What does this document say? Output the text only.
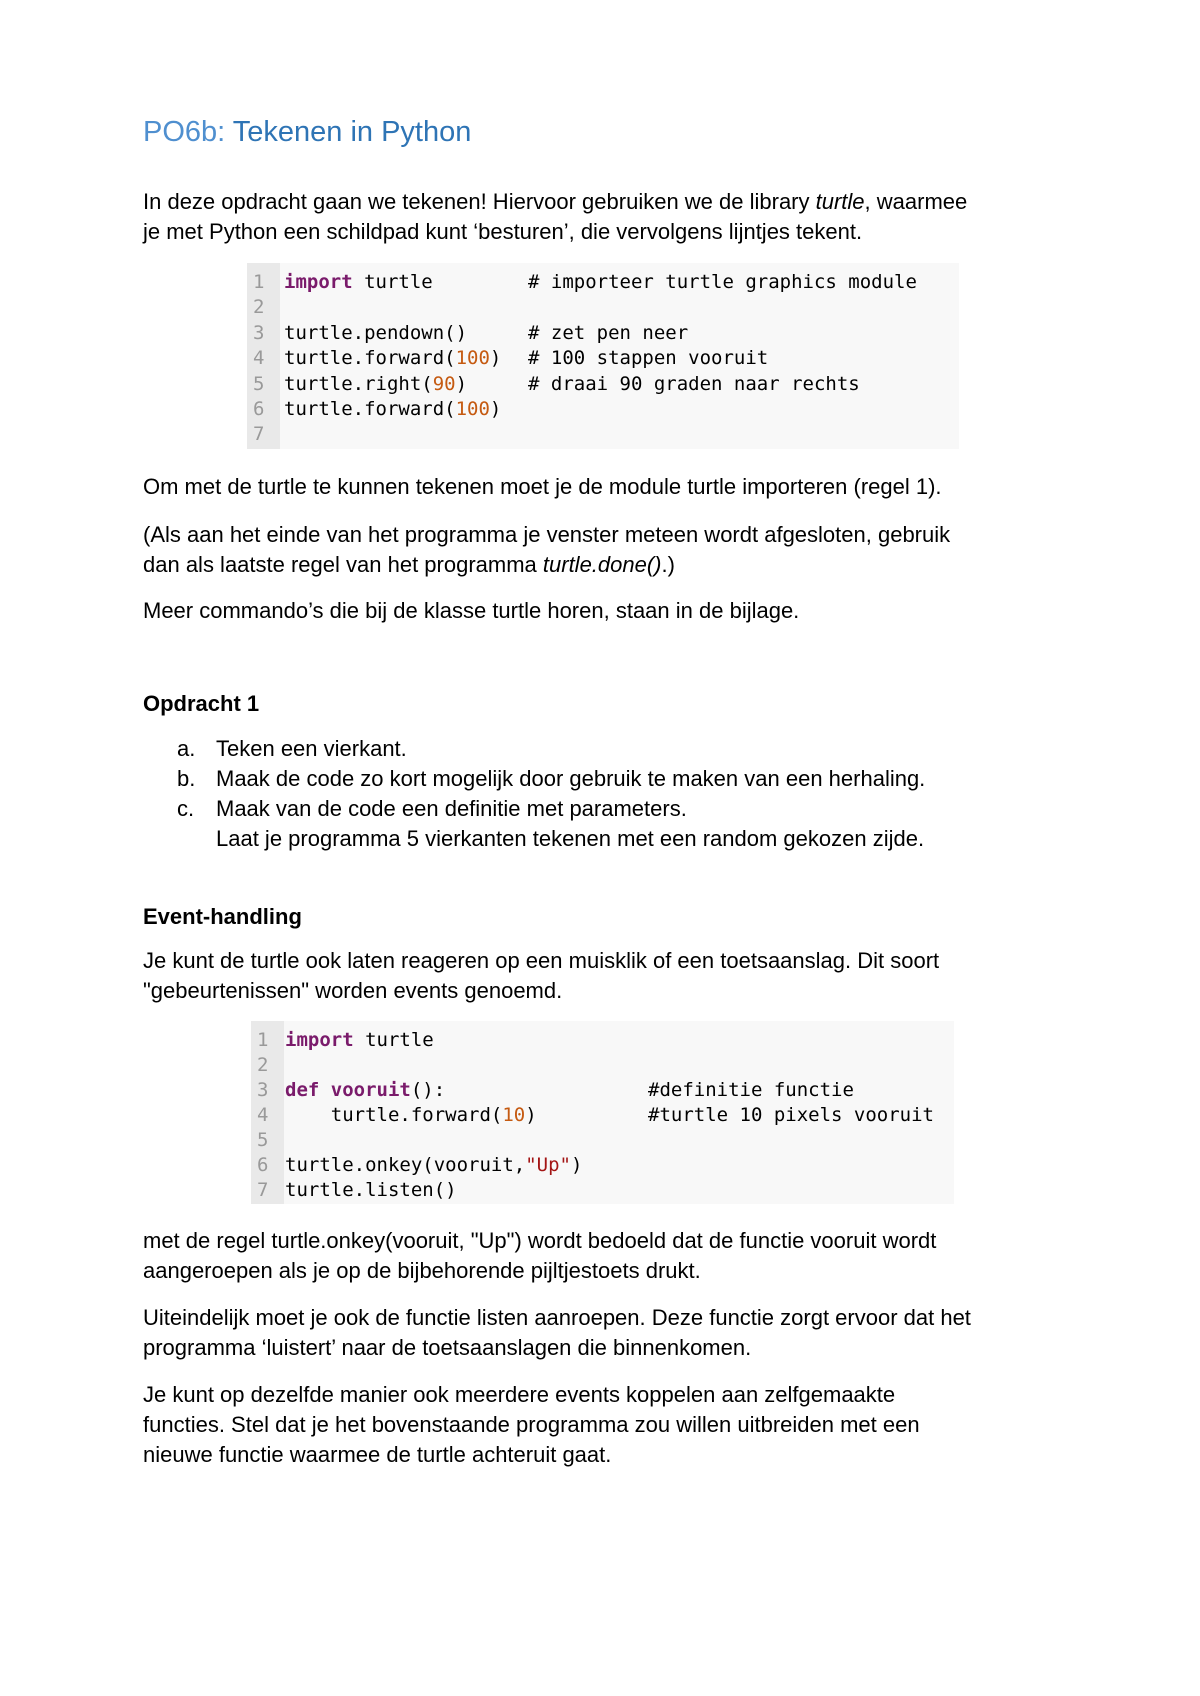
PO6b: Tekenen in Python
In deze opdracht gaan we tekenen! Hiervoor gebruiken we de library turtle, waarmee
je met Python een schildpad kunt ‘besturen’, die vervolgens lijntjes tekent.
1
2
3
4
5
6
7
import turtle	# importeer turtle graphics module
turtle.pendown()	# zet pen neer
turtle.forward(100) # 100 stappen vooruit
turtle.right(90)	# draai 90 graden naar rechts
turtle.forward(100)
Om met de turtle te kunnen tekenen moet je de module turtle importeren (regel 1).
(Als aan het einde van het programma je venster meteen wordt afgesloten, gebruik
dan als laatste regel van het programma turtle.done().)
Meer commando’s die bij de klasse turtle horen, staan in de bijlage.
Opdracht 1
a. Teken een vierkant.
b. Maak de code zo kort mogelijk door gebruik te maken van een herhaling.
c. Maak van de code een definitie met parameters.
Laat je programma 5 vierkanten tekenen met een random gekozen zijde.
Event-handling
Je kunt de turtle ook laten reageren op een muisklik of een toetsaanslag. Dit soort
"gebeurtenissen" worden events genoemd.
1
2
3
4
5
6
7
import turtle
def vooruit():	#definitie functie
turtle.forward(10)	#turtle 10 pixels vooruit
turtle.onkey(vooruit,"Up")
turtle.listen()
met de regel turtle.onkey(vooruit, "Up") wordt bedoeld dat de functie vooruit wordt
aangeroepen als je op de bijbehorende pijltjestoets drukt.
Uiteindelijk moet je ook de functie listen aanroepen. Deze functie zorgt ervoor dat het
programma ‘luistert’ naar de toetsaanslagen die binnenkomen.
Je kunt op dezelfde manier ook meerdere events koppelen aan zelfgemaakte
functies. Stel dat je het bovenstaande programma zou willen uitbreiden met een
nieuwe functie waarmee de turtle achteruit gaat.
